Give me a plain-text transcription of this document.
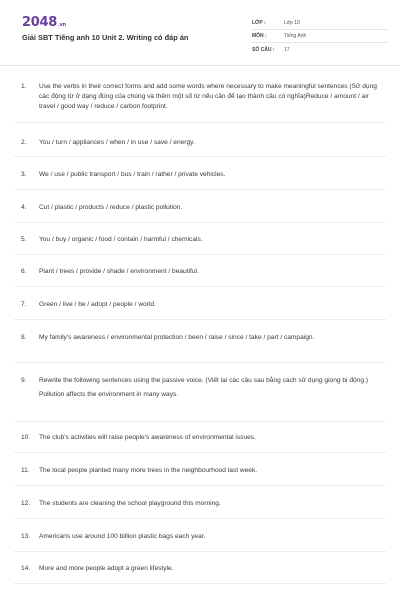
2048.vn
Giải SBT Tiếng anh 10 Unit 2. Writing có đáp án
LỚP :	Lớp 10
MÔN :	Tiếng Anh
SỐ CÂU :	17
1.	Use the verbs in their correct forms and add some words where necessary to make meaningful sentences (Sử dụng các động từ ở dạng đúng của chúng và thêm một số từ nếu cần để tạo thành câu có nghĩa)Reduce / amount / air travel / good way / reduce / carbon footprint.
2.	You / turn / appliances / when / in use / save / energy.
3.	We / use / public transport / bus / train / rather / private vehicles.
4.	Cut / plastic / products / reduce / plastic pollution.
5.	You / buy / organic / food / contain / harmful / chemicals.
6.	Plant / trees / provide / shade / environment / beautiful.
7.	Green / live / be / adopt / people / world.
8.	My family's awareness / environmental protection / been / raise / since / take / part / campaign.
9.	Rewrite the following sentences using the passive voice. (Viết lại các câu sau bằng cách sử dụng giọng bị động.)
Pollution affects the environment in many ways.
10.	The club's activities will raise people's awareness of environmental issues.
11.	The local people planted many more trees in the neighbourhood last week.
12.	The students are cleaning the school playground this morning.
13.	Americans use around 100 billion plastic bags each year.
14.	More and more people adopt a green lifestyle.
